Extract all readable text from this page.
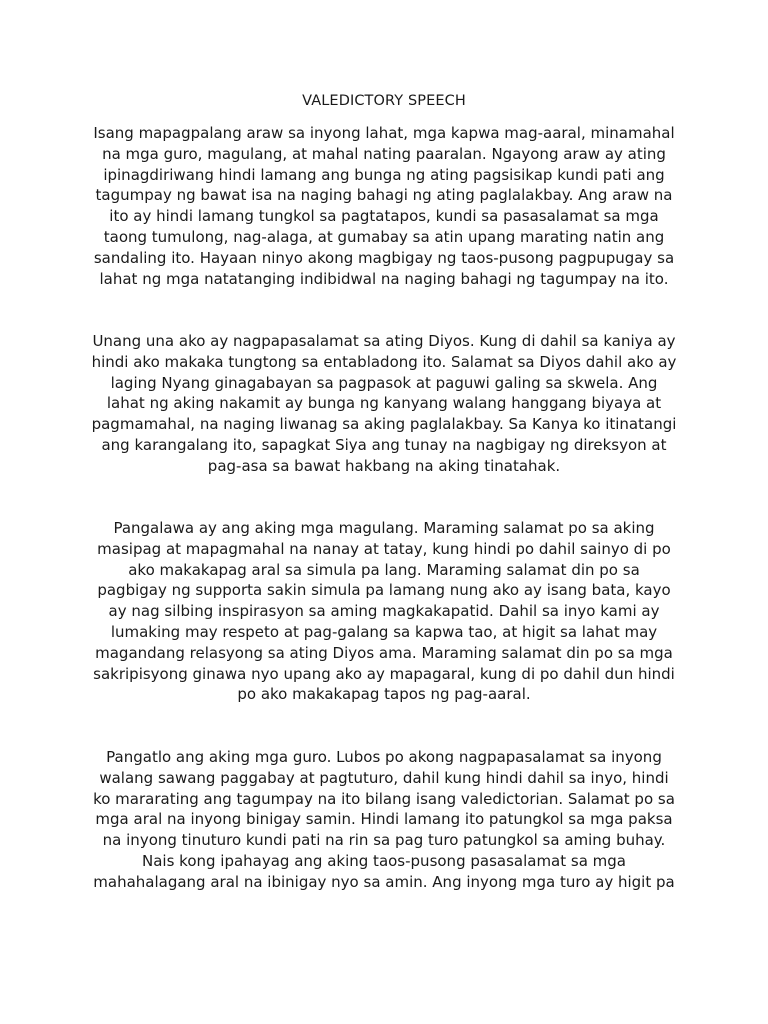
VALEDICTORY SPEECH

Isang mapagpalang araw sa inyong lahat, mga kapwa mag-aaral, minamahal
na mga guro, magulang, at mahal nating paaralan. Ngayong araw ay ating
ipinagdiriwang hindi lamang ang bunga ng ating pagsisikap kundi pati ang
tagumpay ng bawat isa na naging bahagi ng ating paglalakbay. Ang araw na
ito ay hindi lamang tungkol sa pagtatapos, kundi sa pasasalamat sa mga
taong tumulong, nag-alaga, at gumabay sa atin upang marating natin ang
sandaling ito. Hayaan ninyo akong magbigay ng taos-pusong pagpupugay sa
lahat ng mga natatanging indibidwal na naging bahagi ng tagumpay na ito.

Unang una ako ay nagpapasalamat sa ating Diyos. Kung di dahil sa kaniya ay
hindi ako makaka tungtong sa entabladong ito. Salamat sa Diyos dahil ako ay
laging Nyang ginagabayan sa pagpasok at paguwi galing sa skwela. Ang
lahat ng aking nakamit ay bunga ng kanyang walang hanggang biyaya at
pagmamahal, na naging liwanag sa aking paglalakbay. Sa Kanya ko itinatangi
ang karangalang ito, sapagkat Siya ang tunay na nagbigay ng direksyon at
pag-asa sa bawat hakbang na aking tinatahak.

Pangalawa ay ang aking mga magulang. Maraming salamat po sa aking
masipag at mapagmahal na nanay at tatay, kung hindi po dahil sainyo di po
ako makakapag aral sa simula pa lang. Maraming salamat din po sa
pagbigay ng supporta sakin simula pa lamang nung ako ay isang bata, kayo
ay nag silbing inspirasyon sa aming magkakapatid. Dahil sa inyo kami ay
lumaking may respeto at pag-galang sa kapwa tao, at higit sa lahat may
magandang relasyong sa ating Diyos ama. Maraming salamat din po sa mga
sakripisyong ginawa nyo upang ako ay mapagaral, kung di po dahil dun hindi
po ako makakapag tapos ng pag-aaral.

Pangatlo ang aking mga guro. Lubos po akong nagpapasalamat sa inyong
walang sawang paggabay at pagtuturo, dahil kung hindi dahil sa inyo, hindi
ko mararating ang tagumpay na ito bilang isang valedictorian. Salamat po sa
mga aral na inyong binigay samin. Hindi lamang ito patungkol sa mga paksa
na inyong tinuturo kundi pati na rin sa pag turo patungkol sa aming buhay.
Nais kong ipahayag ang aking taos-pusong pasasalamat sa mga
mahahalagang aral na ibinigay nyo sa amin. Ang inyong mga turo ay higit pa
